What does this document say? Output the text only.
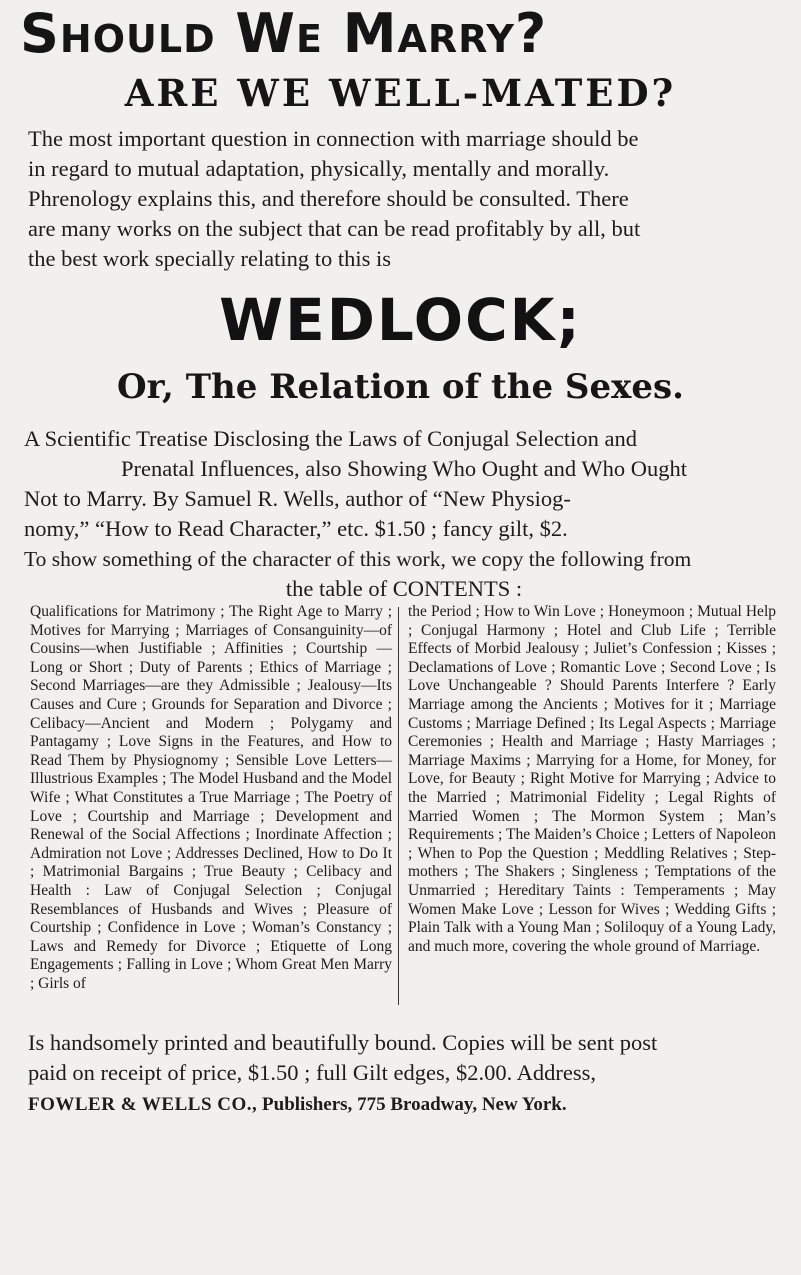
Should We Marry?
ARE WE WELL-MATED?

The most important question in connection with marriage should be
in regard to mutual adaptation, physically, mentally and morally.
Phrenology explains this, and therefore should be consulted. There
are many works on the subject that can be read profitably by all, but
the best work specially relating to this is

WEDLOCK;
Or, The Relation of the Sexes.

A Scientific Treatise Disclosing the Laws of Conjugal Selection and
Prenatal Influences, also Showing Who Ought and Who Ought
Not to Marry. By Samuel R. Wells, author of “New Physiog-
nomy,” “How to Read Character,” etc. $1.50 ; fancy gilt, $2.
To show something of the character of this work, we copy the following from
the table of CONTENTS :

Qualifications for Matrimony ; The Right Age to Marry ; Motives for Marrying ; Marriages of Consanguinity—of Cousins—when Justifiable ; Affinities ; Courtship — Long or Short ; Duty of Parents ; Ethics of Marriage ; Second Marriages—are they Admissible ; Jealousy—Its Causes and Cure ; Grounds for Separation and Divorce ; Celibacy—Ancient and Modern ; Polygamy and Pantagamy ; Love Signs in the Features, and How to Read Them by Physiognomy ; Sensible Love Letters—Illustrious Examples ; The Model Husband and the Model Wife ; What Constitutes a True Marriage ; The Poetry of Love ; Courtship and Marriage ; Development and Renewal of the Social Affections ; Inordinate Affection ; Admiration not Love ; Addresses Declined, How to Do It ; Matrimonial Bargains ; True Beauty ; Celibacy and Health : Law of Conjugal Selection ; Conjugal Resemblances of Husbands and Wives ; Pleasure of Courtship ; Confidence in Love ; Woman’s Constancy ; Laws and Remedy for Divorce ; Etiquette of Long Engagements ; Falling in Love ; Whom Great Men Marry ; Girls of
the Period ; How to Win Love ; Honeymoon ; Mutual Help ; Conjugal Harmony ; Hotel and Club Life ; Terrible Effects of Morbid Jealousy ; Juliet’s Confession ; Kisses ; Declamations of Love ; Romantic Love ; Second Love ; Is Love Unchangeable ? Should Parents Interfere ? Early Marriage among the Ancients ; Motives for it ; Marriage Customs ; Marriage Defined ; Its Legal Aspects ; Marriage Ceremonies ; Health and Marriage ; Hasty Marriages ; Marriage Maxims ; Marrying for a Home, for Money, for Love, for Beauty ; Right Motive for Marrying ; Advice to the Married ; Matrimonial Fidelity ; Legal Rights of Married Women ; The Mormon System ; Man’s Requirements ; The Maiden’s Choice ; Letters of Napoleon ; When to Pop the Question ; Meddling Relatives ; Step-mothers ; The Shakers ; Singleness ; Temptations of the Unmarried ; Hereditary Taints : Temperaments ; May Women Make Love ; Lesson for Wives ; Wedding Gifts ; Plain Talk with a Young Man ; Soliloquy of a Young Lady, and much more, covering the whole ground of Marriage.

Is handsomely printed and beautifully bound. Copies will be sent post
paid on receipt of price, $1.50 ; full Gilt edges, $2.00. Address,

FOWLER & WELLS CO., Publishers, 775 Broadway, New York.
